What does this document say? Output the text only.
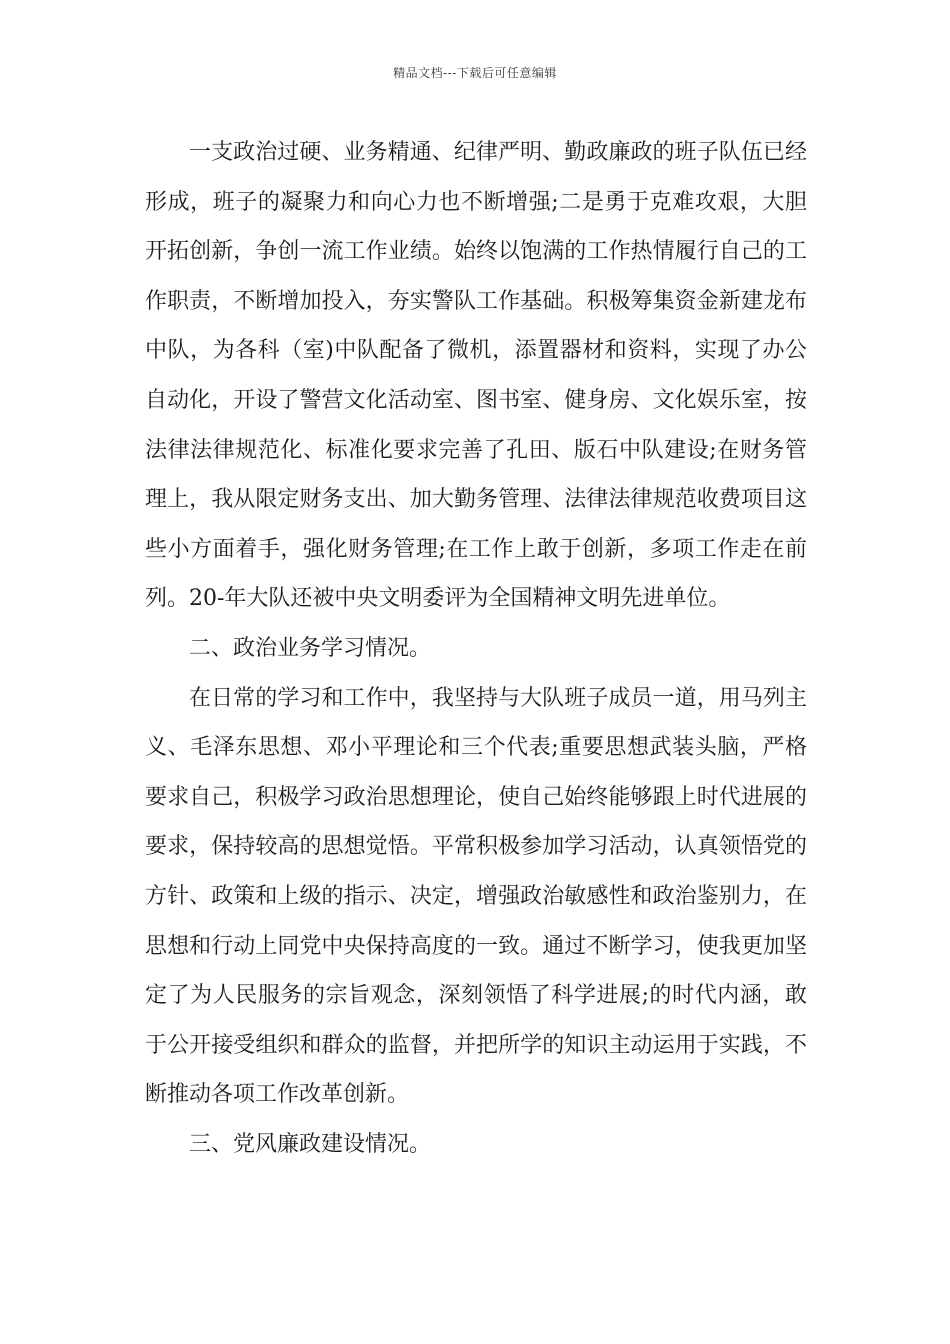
精品文档---下载后可任意编辑

一支政治过硬、业务精通、纪律严明、勤政廉政的班子队伍已经形成，班子的凝聚力和向心力也不断增强;二是勇于克难攻艰，大胆开拓创新，争创一流工作业绩。始终以饱满的工作热情履行自己的工作职责，不断增加投入，夯实警队工作基础。积极筹集资金新建龙布中队，为各科（室)中队配备了微机，添置器材和资料，实现了办公自动化，开设了警营文化活动室、图书室、健身房、文化娱乐室，按法律法律规范化、标准化要求完善了孔田、版石中队建设;在财务管理上，我从限定财务支出、加大勤务管理、法律法律规范收费项目这些小方面着手，强化财务管理;在工作上敢于创新，多项工作走在前列。20-年大队还被中央文明委评为全国精神文明先进单位。

二、政治业务学习情况。

在日常的学习和工作中，我坚持与大队班子成员一道，用马列主义、毛泽东思想、邓小平理论和三个代表;重要思想武装头脑，严格要求自己，积极学习政治思想理论，使自己始终能够跟上时代进展的要求，保持较高的思想觉悟。平常积极参加学习活动，认真领悟党的方针、政策和上级的指示、决定，增强政治敏感性和政治鉴别力，在思想和行动上同党中央保持高度的一致。通过不断学习，使我更加坚定了为人民服务的宗旨观念，深刻领悟了科学进展;的时代内涵，敢于公开接受组织和群众的监督，并把所学的知识主动运用于实践，不断推动各项工作改革创新。

三、党风廉政建设情况。
